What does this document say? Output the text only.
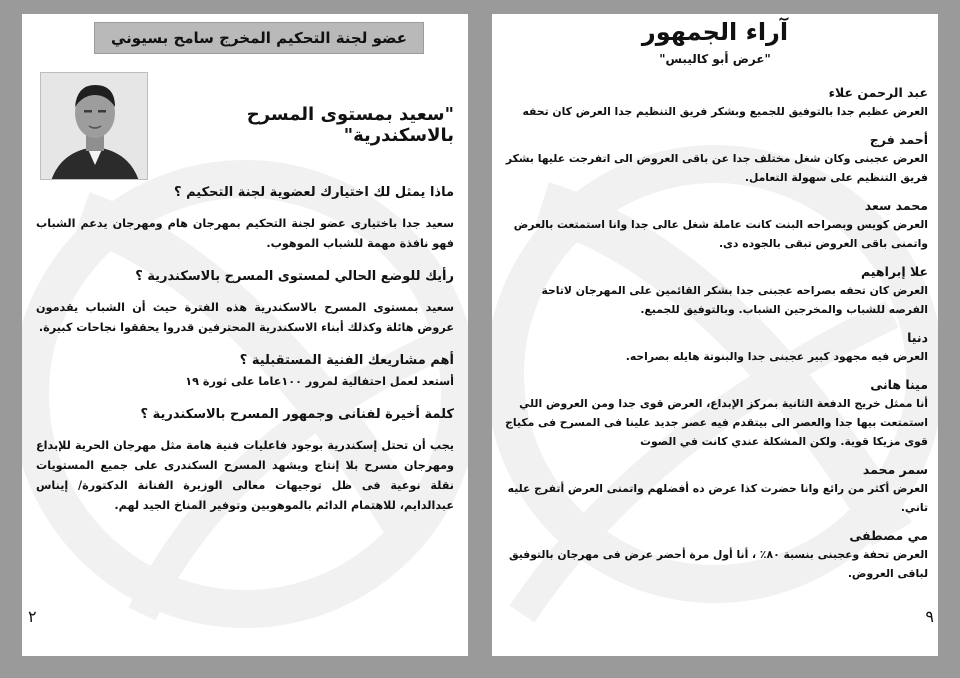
عضو لجنة التحكيم المخرج سامح بسيوني
"سعيد بمستوى المسرح بالاسكندرية"
ماذا يمثل لك اختيارك لعضوية لجنة التحكيم ؟
سعيد جدا باختيارى عضو لجنة التحكيم بمهرجان هام ومهرجان يدعم الشباب فهو نافذة مهمة للشباب الموهوب.
رأيك للوضع الحالي لمستوى المسرح بالاسكندرية ؟
سعيد بمستوى المسرح بالاسكندرية هذه الفترة حيث أن الشباب يقدمون عروض هائلة وكذلك أبناء الاسكندرية المحترفين قدروا يحققوا نجاحات كبيرة.
أهم مشاريعك الفنية المستقبلية ؟
أستعد لعمل احتفالية لمرور ١٠٠عاما على ثورة ١٩
كلمة أخيرة لفنانى وجمهور المسرح بالاسكندرية ؟
يجب أن تحتل إسكندرية بوجود فاعليات فنية هامة مثل مهرجان الحرية للإبداع ومهرجان مسرح بلا إنتاج ويشهد المسرح السكندرى على جميع المستويات نقلة نوعية فى ظل توجيهات معالى الوزيرة الفنانة الدكتورة/ إيناس عبدالدايم، للاهتمام الدائم بالموهوبين وتوفير المناخ الجيد لهم.
٢
آراء الجمهور
"عرض أبو كاليبس"
عبد الرحمن علاء
العرض عظيم جدا بالتوفيق للجميع وبشكر فريق التنظيم جدا العرض كان تحفه
أحمد فرج
العرض عجبنى وكان شغل مختلف جدا عن باقى العروض الى اتفرجت عليها بشكر فريق التنظيم على سهولة التعامل.
محمد سعد
العرض كويس وبصراحه البنت كانت عاملة شغل عالى جدا وانا استمتعت بالعرض واتمنى باقى العروض تبقى بالجوده دى.
علا إبراهيم
العرض كان تحفه بصراحه عجبنى جدا بشكر القائمين على المهرجان لاتاحة الفرصه للشباب والمخرجين الشباب. وبالتوفيق للجميع.
دنيا
العرض فيه مجهود كبير عجبنى جدا والبنوتة هايله بصراحه.
مينا هانى
أنا ممثل خريج الدفعة الثانية بمركز الإبداع، العرض قوى جدا ومن العروض اللي استمتعت بيها جدا والعصر الى بيتقدم فيه عصر جديد علينا فى المسرح فى مكياج قوى مزيكا قوية. ولكن المشكلة عندي كانت في الصوت
سمر محمد
العرض أكثر من رائع وانا حضرت كذا عرض ده أفضلهم واتمنى العرض أتفرج عليه تاني.
مي مصطفى
العرض تحفة وعجبنى بنسبة ٨٠٪ ، أنا أول مرة أحضر عرض فى مهرجان بالتوفيق لباقى العروض.
٩
